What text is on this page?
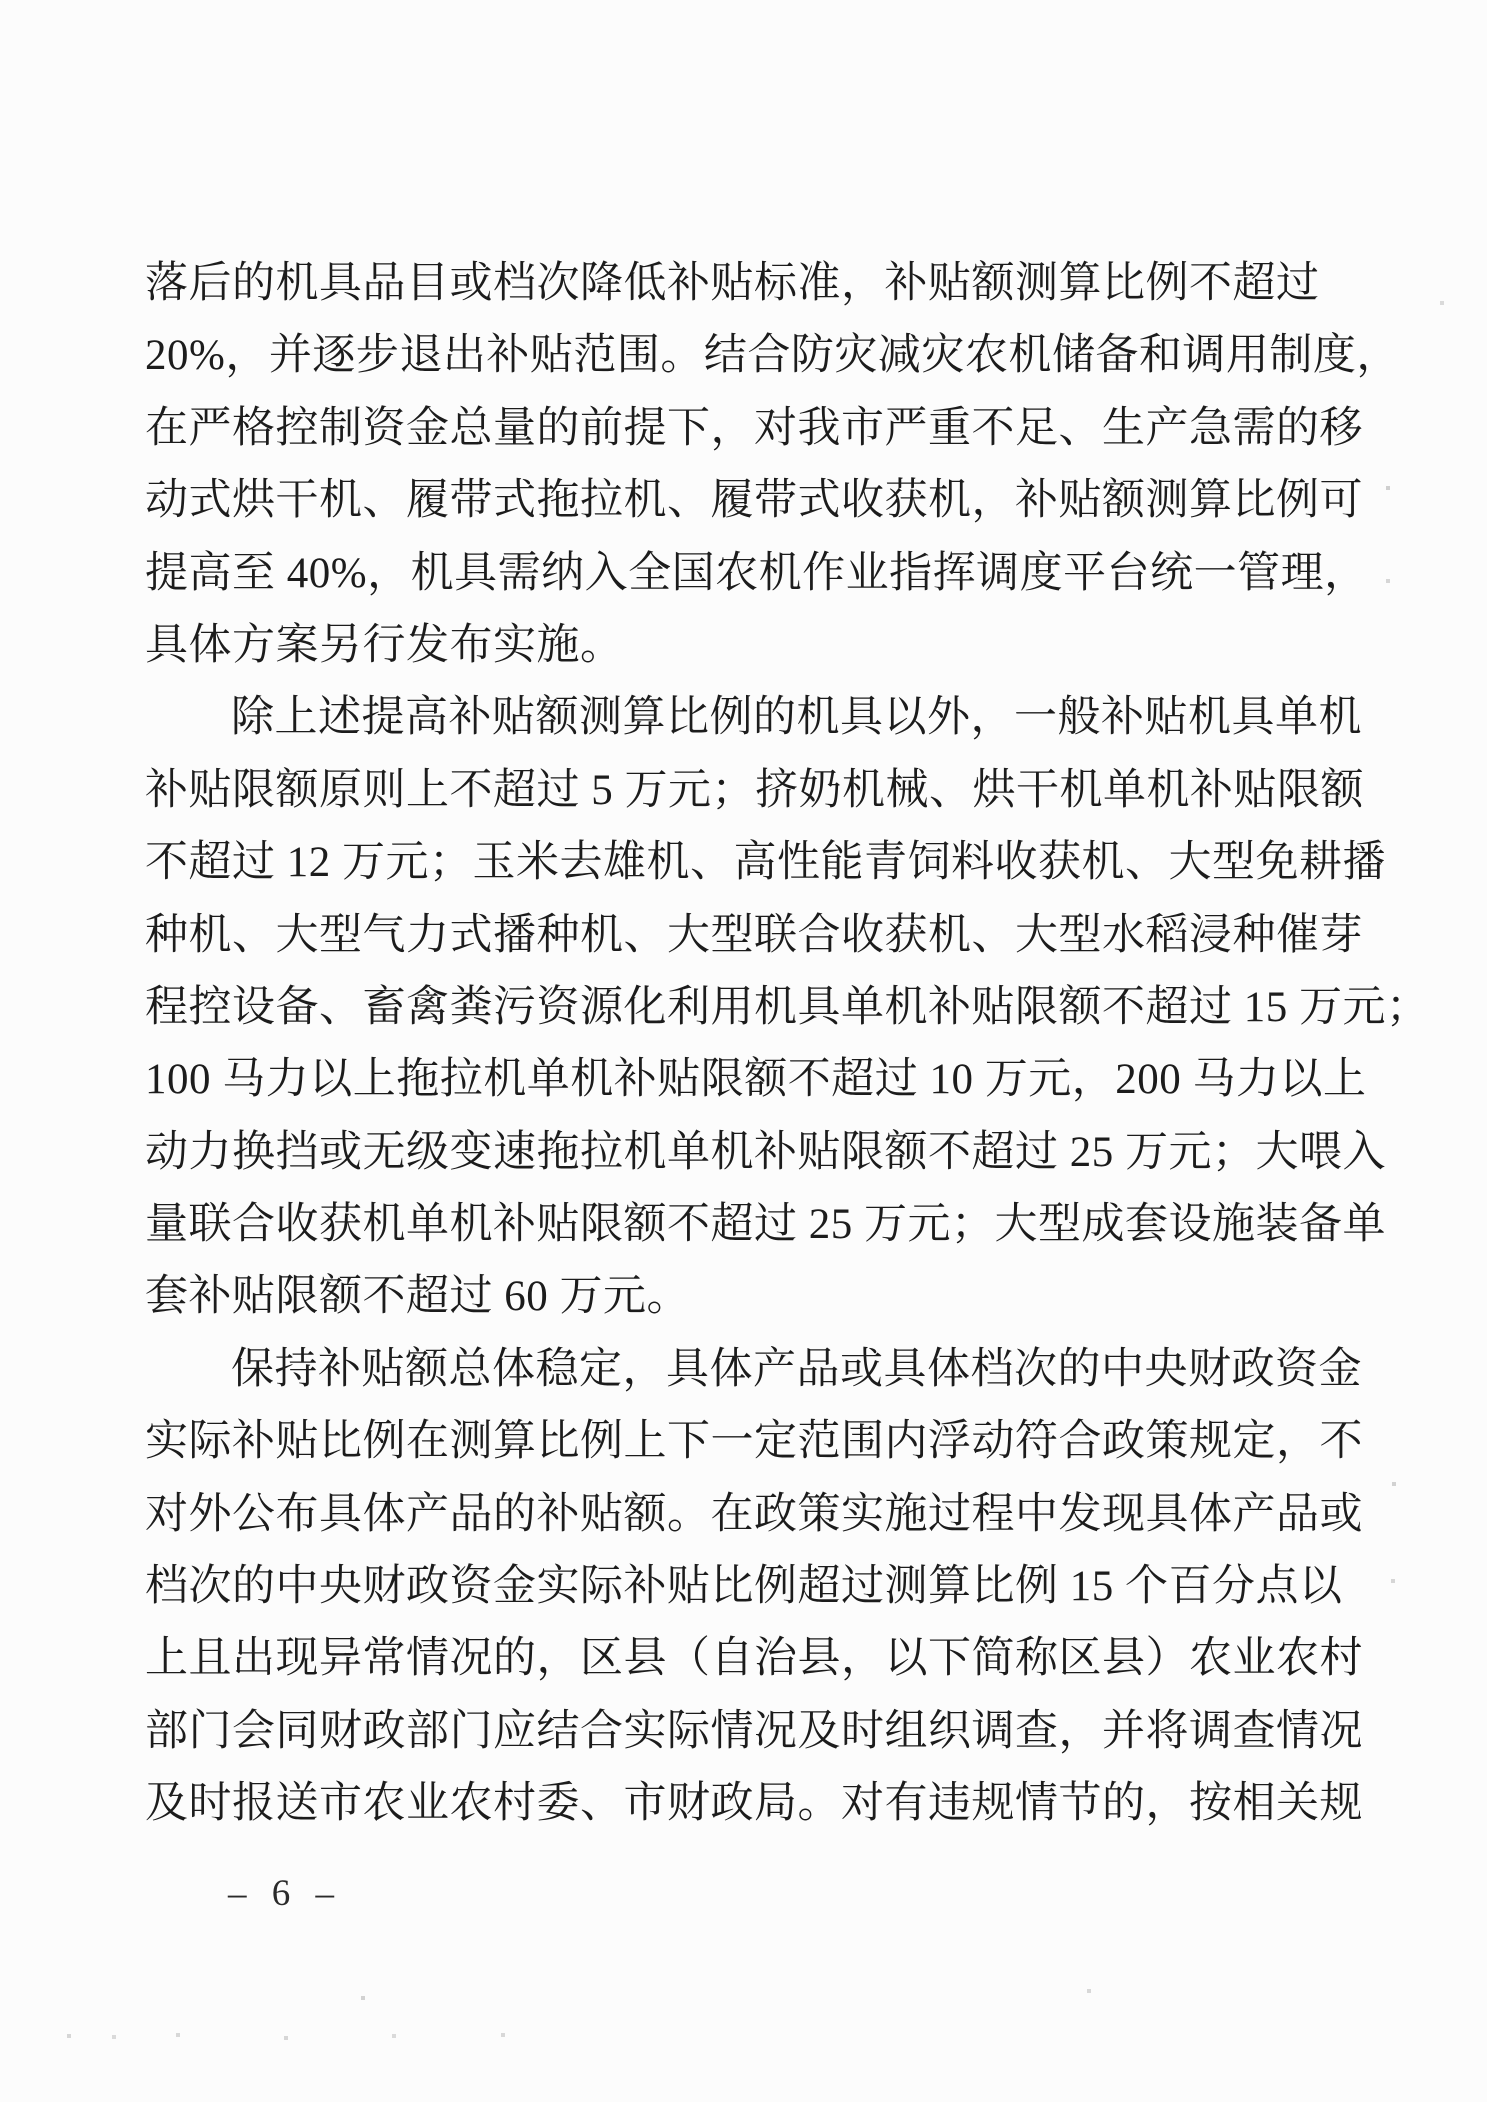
落后的机具品目或档次降低补贴标准，补贴额测算比例不超过
20%，并逐步退出补贴范围。结合防灾减灾农机储备和调用制度，
在严格控制资金总量的前提下，对我市严重不足、生产急需的移
动式烘干机、履带式拖拉机、履带式收获机，补贴额测算比例可
提高至 40%，机具需纳入全国农机作业指挥调度平台统一管理，
具体方案另行发布实施。
除上述提高补贴额测算比例的机具以外，一般补贴机具单机
补贴限额原则上不超过 5 万元；挤奶机械、烘干机单机补贴限额
不超过 12 万元；玉米去雄机、高性能青饲料收获机、大型免耕播
种机、大型气力式播种机、大型联合收获机、大型水稻浸种催芽
程控设备、畜禽粪污资源化利用机具单机补贴限额不超过 15 万元；
100 马力以上拖拉机单机补贴限额不超过 10 万元，200 马力以上
动力换挡或无级变速拖拉机单机补贴限额不超过 25 万元；大喂入
量联合收获机单机补贴限额不超过 25 万元；大型成套设施装备单
套补贴限额不超过 60 万元。
保持补贴额总体稳定，具体产品或具体档次的中央财政资金
实际补贴比例在测算比例上下一定范围内浮动符合政策规定，不
对外公布具体产品的补贴额。在政策实施过程中发现具体产品或
档次的中央财政资金实际补贴比例超过测算比例 15 个百分点以
上且出现异常情况的，区县（自治县，以下简称区县）农业农村
部门会同财政部门应结合实际情况及时组织调查，并将调查情况
及时报送市农业农村委、市财政局。对有违规情节的，按相关规
– 6 –
